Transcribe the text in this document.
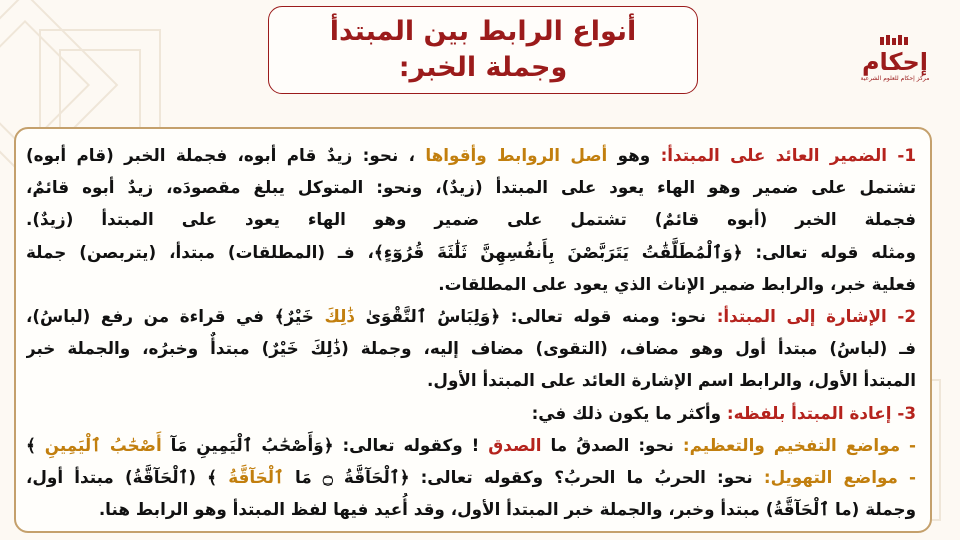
أنواع الرابط بين المبتدأ
وجملة الخبر:	إحكام
مركز إحكام للعلوم الشرعية
1- الضمير العائد على المبتدأ: وهو أصل الروابط وأقواها ، نحو: زيدٌ قام أبوه، فجملة الخبر (قام أبوه)
تشتمل على ضمير وهو الهاء يعود على المبتدأ (زيدٌ)، ونحو: المتوكل يبلغ مقصودَه، زيدٌ أبوه قائمٌ،
فجملة الخبر (أبوه قائمٌ) تشتمل على ضمير وهو الهاء يعود على المبتدأ (زيدٌ).
ومثله قوله تعالى: ﴿وَٱلْمُطَلَّقَٰتُ يَتَرَبَّصْنَ بِأَنفُسِهِنَّ ثَلَٰثَةَ قُرُوٓءٍ﴾، فـ (المطلقات) مبتدأ، (يتربصن) جملة
فعلية خبر، والرابط ضمير الإناث الذي يعود على المطلقات.
2- الإشارة إلى المبتدأ: نحو: ومنه قوله تعالى: ﴿وَلِبَاسُ ٱلتَّقْوَىٰ ذَٰلِكَ خَيْرٌ﴾ في قراءة من رفع (لباسُ)،
فـ (لباسُ) مبتدأ أول وهو مضاف، (التقوى) مضاف إليه، وجملة (ذَٰلِكَ خَيْرٌ) مبتدأٌ وخبرُه، والجملة خبر
المبتدأ الأول، والرابط اسم الإشارة العائد على المبتدأ الأول.
3- إعادة المبتدأ بلفظه: وأكثر ما يكون ذلك في:
- مواضع التفخيم والتعظيم: نحو: الصدقُ ما الصدق ! وكقوله تعالى: ﴿وَأَصْحَٰبُ ٱلْيَمِينِ مَآ أَصْحَٰبُ ٱلْيَمِينِ ﴾
- مواضع التهويل: نحو: الحربُ ما الحربُ؟ وكقوله تعالى: ﴿ٱلْحَآقَّةُ ۝ مَا ٱلْحَآقَّةُ ﴾ (ٱلْحَآقَّةُ) مبتدأ أول،
وجملة (ما ٱلْحَآقَّةُ) مبتدأ وخبر، والجملة خبر المبتدأ الأول، وقد أُعيد فيها لفظ المبتدأ وهو الرابط هنا.
